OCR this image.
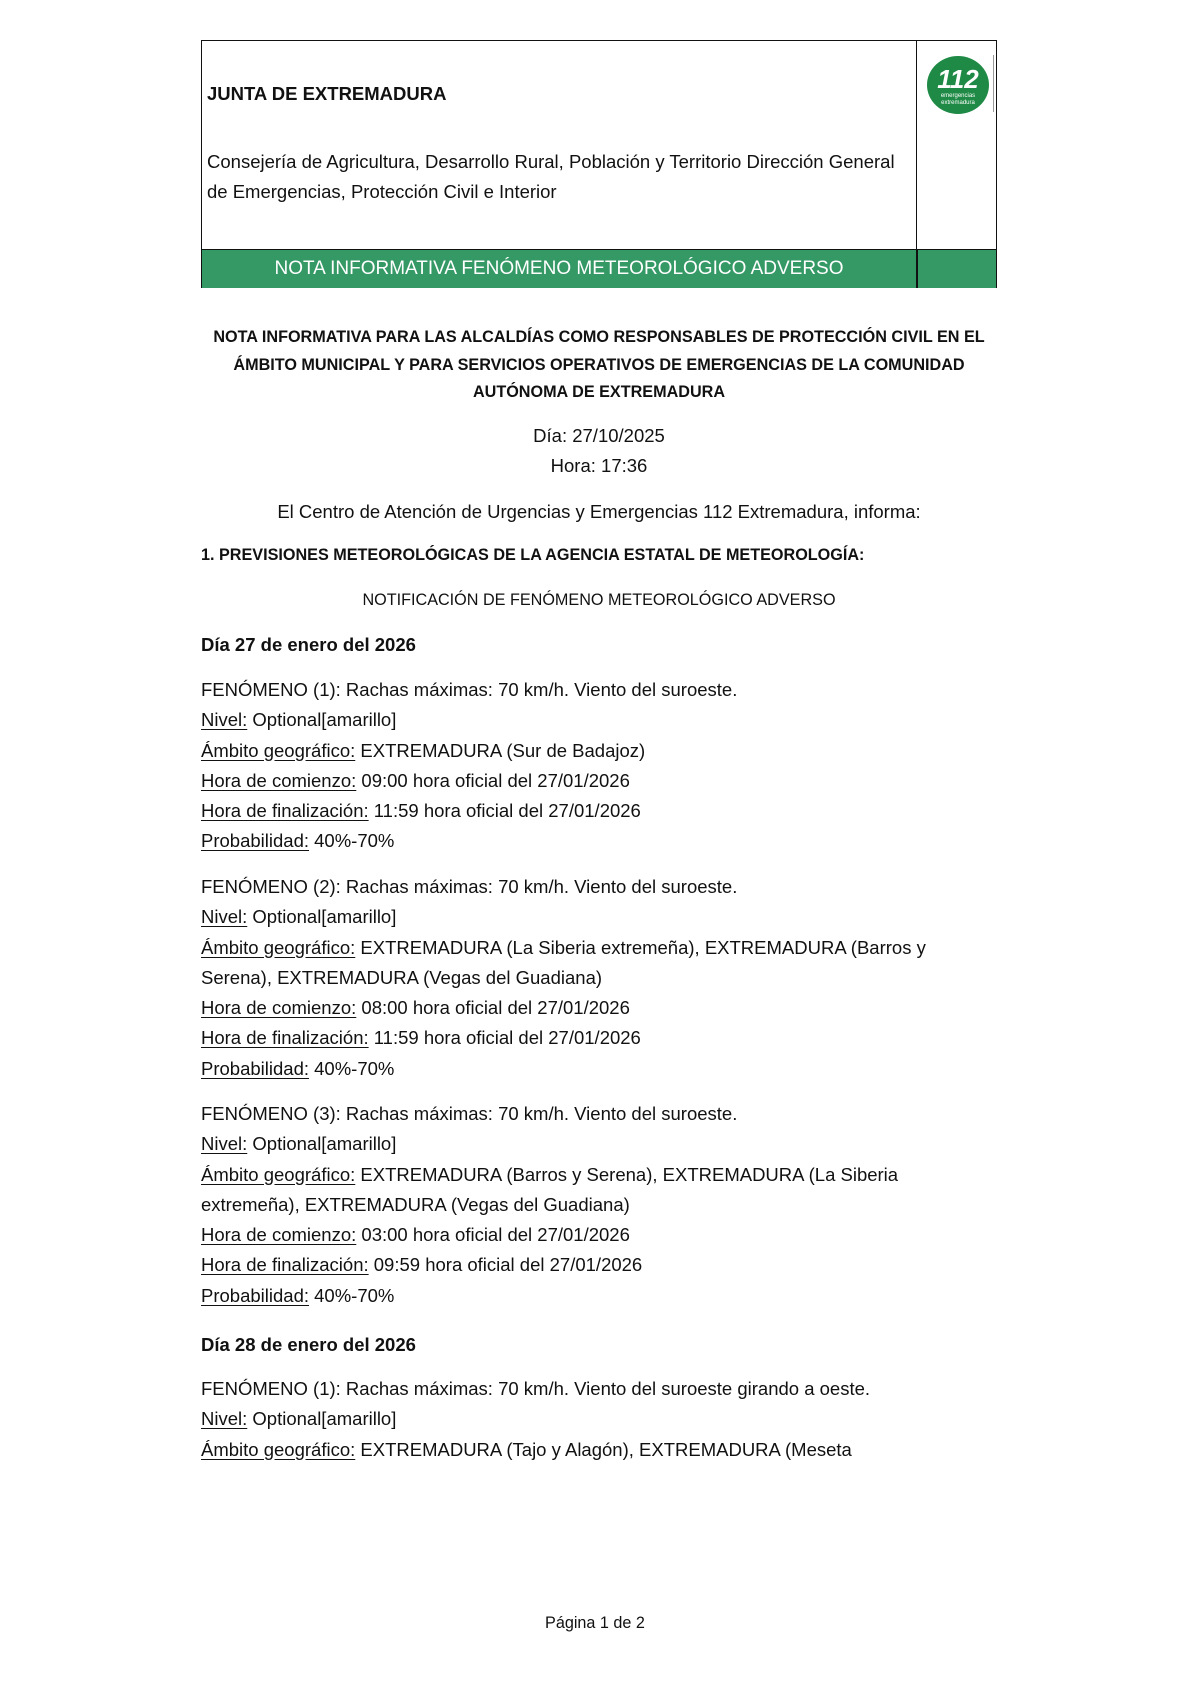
JUNTA DE EXTREMADURA
Consejería de Agricultura, Desarrollo Rural, Población y Territorio Dirección General de Emergencias, Protección Civil e Interior
112
emergencias
extremadura
NOTA INFORMATIVA FENÓMENO METEOROLÓGICO ADVERSO
NOTA INFORMATIVA PARA LAS ALCALDÍAS COMO RESPONSABLES DE PROTECCIÓN CIVIL EN EL ÁMBITO MUNICIPAL Y PARA SERVICIOS OPERATIVOS DE EMERGENCIAS DE LA COMUNIDAD AUTÓNOMA DE EXTREMADURA
Día: 27/10/2025
Hora: 17:36
El Centro de Atención de Urgencias y Emergencias 112 Extremadura, informa:
1. PREVISIONES METEOROLÓGICAS DE LA AGENCIA ESTATAL DE METEOROLOGÍA:
NOTIFICACIÓN DE FENÓMENO METEOROLÓGICO ADVERSO
Día 27 de enero del 2026
FENÓMENO (1): Rachas máximas: 70 km/h. Viento del suroeste.
Nivel: Optional[amarillo]
Ámbito geográfico: EXTREMADURA (Sur de Badajoz)
Hora de comienzo: 09:00 hora oficial del 27/01/2026
Hora de finalización: 11:59 hora oficial del 27/01/2026
Probabilidad: 40%-70%
FENÓMENO (2): Rachas máximas: 70 km/h. Viento del suroeste.
Nivel: Optional[amarillo]
Ámbito geográfico: EXTREMADURA (La Siberia extremeña), EXTREMADURA (Barros y Serena), EXTREMADURA (Vegas del Guadiana)
Hora de comienzo: 08:00 hora oficial del 27/01/2026
Hora de finalización: 11:59 hora oficial del 27/01/2026
Probabilidad: 40%-70%
FENÓMENO (3): Rachas máximas: 70 km/h. Viento del suroeste.
Nivel: Optional[amarillo]
Ámbito geográfico: EXTREMADURA (Barros y Serena), EXTREMADURA (La Siberia extremeña), EXTREMADURA (Vegas del Guadiana)
Hora de comienzo: 03:00 hora oficial del 27/01/2026
Hora de finalización: 09:59 hora oficial del 27/01/2026
Probabilidad: 40%-70%
Día 28 de enero del 2026
FENÓMENO (1): Rachas máximas: 70 km/h. Viento del suroeste girando a oeste.
Nivel: Optional[amarillo]
Ámbito geográfico: EXTREMADURA (Tajo y Alagón), EXTREMADURA (Meseta
Página 1 de 2
